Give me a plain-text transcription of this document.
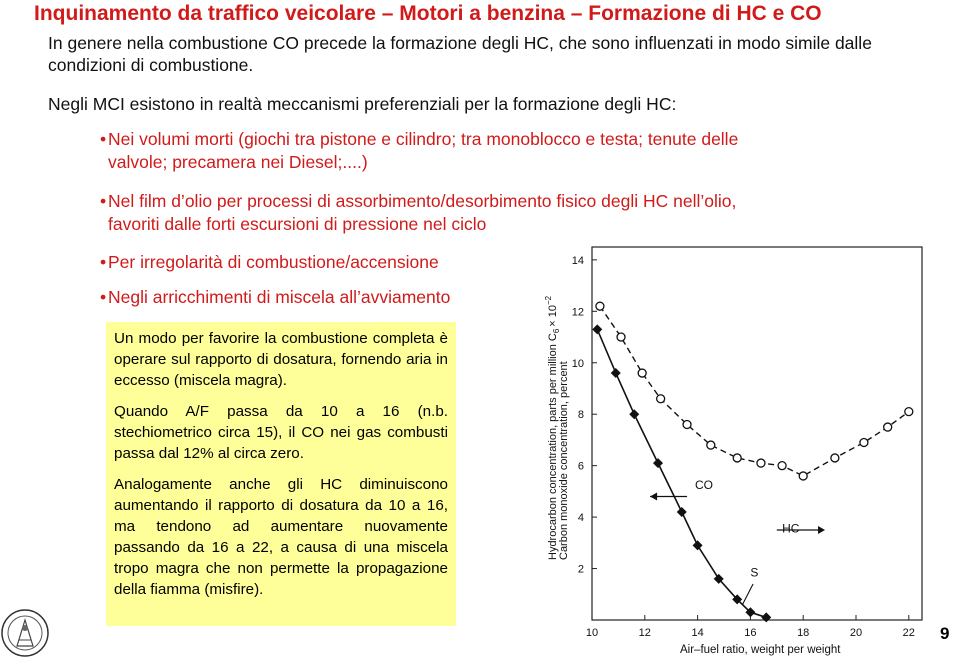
Inquinamento da traffico veicolare – Motori a benzina – Formazione di HC e CO
In genere nella combustione CO precede la formazione degli HC, che sono influenzati in modo simile dalle condizioni di combustione.
Negli MCI esistono in realtà meccanismi preferenziali per la formazione degli HC:
• Nei volumi morti (giochi tra pistone e cilindro; tra monoblocco e testa; tenute delle
valvole; precamera nei Diesel;....)
• Nel film d’olio per processi di assorbimento/desorbimento fisico degli HC nell’olio,
favoriti dalle forti escursioni di pressione nel ciclo
• Per irregolarità di combustione/accensione
• Negli arricchimenti di miscela all’avviamento

Un modo per favorire la combustione completa è operare sul rapporto di dosatura, fornendo aria in eccesso (miscela magra).

Quando A/F passa da 10 a 16 (n.b. stechiometrico circa 15), il CO nei gas combusti passa dal 12% al circa zero.

Analogamente anche gli HC diminuiscono aumentando il rapporto di dosatura da 10 a 16, ma tendono ad aumentare nuovamente passando da 16 a 22, a causa di una miscela tropo magra che non permette la propagazione della fiamma (misfire).

2
4
6
8
10
12
14
10	12	14	16	18	20	22
CO
HC
S
Hydrocarbon concentration, parts per million $C_6\times 10^{-2}$
Carbon monoxide concentration, percent
Air–fuel ratio, weight per weight
9
